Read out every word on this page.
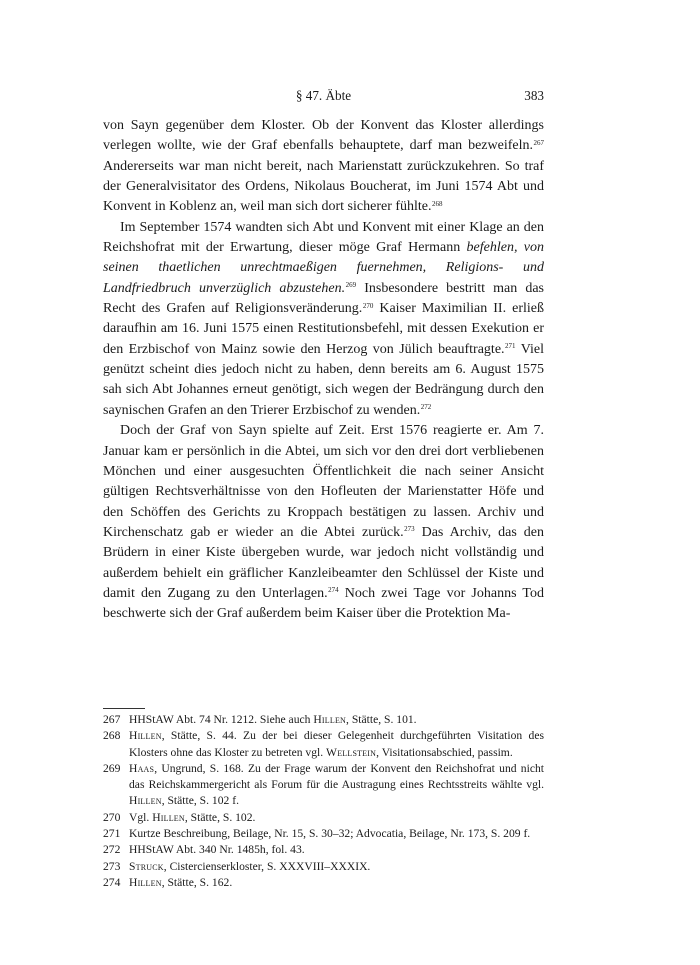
§ 47. Äbte	383

von Sayn gegenüber dem Kloster. Ob der Konvent das Kloster allerdings verlegen wollte, wie der Graf ebenfalls behauptete, darf man bezweifeln.$^{267}$ Andererseits war man nicht bereit, nach Marienstatt zurückzukehren. So traf der Generalvisitator des Ordens, Nikolaus Boucherat, im Juni 1574 Abt und Konvent in Koblenz an, weil man sich dort sicherer fühlte.$^{268}$

Im September 1574 wandten sich Abt und Konvent mit einer Klage an den Reichshofrat mit der Erwartung, dieser möge Graf Hermann befehlen, von seinen thaetlichen unrechtmaeßigen fuernehmen, Religions- und Landfriedbruch unverzüglich abzustehen.$^{269}$ Insbesondere bestritt man das Recht des Grafen auf Religionsveränderung.$^{270}$ Kaiser Maximilian II. erließ daraufhin am 16. Juni 1575 einen Restitutionsbefehl, mit dessen Exekution er den Erzbischof von Mainz sowie den Herzog von Jülich beauftragte.$^{271}$ Viel genützt scheint dies jedoch nicht zu haben, denn bereits am 6. August 1575 sah sich Abt Johannes erneut genötigt, sich wegen der Bedrängung durch den saynischen Grafen an den Trierer Erzbischof zu wenden.$^{272}$

Doch der Graf von Sayn spielte auf Zeit. Erst 1576 reagierte er. Am 7. Januar kam er persönlich in die Abtei, um sich vor den drei dort verbliebenen Mönchen und einer ausgesuchten Öffentlichkeit die nach seiner Ansicht gültigen Rechtsverhältnisse von den Hofleuten der Marienstatter Höfe und den Schöffen des Gerichts zu Kroppach bestätigen zu lassen. Archiv und Kirchenschatz gab er wieder an die Abtei zurück.$^{273}$ Das Archiv, das den Brüdern in einer Kiste übergeben wurde, war jedoch nicht vollständig und außerdem behielt ein gräflicher Kanzleibeamter den Schlüssel der Kiste und damit den Zugang zu den Unterlagen.$^{274}$ Noch zwei Tage vor Johanns Tod beschwerte sich der Graf außerdem beim Kaiser über die Protektion Ma-

267 HHStAW Abt. 74 Nr. 1212. Siehe auch Hillen, Stätte, S. 101.
268 Hillen, Stätte, S. 44. Zu der bei dieser Gelegenheit durchgeführten Visitation des Klosters ohne das Kloster zu betreten vgl. Wellstein, Visitationsabschied, passim.
269 Haas, Ungrund, S. 168. Zu der Frage warum der Konvent den Reichshofrat und nicht das Reichskammergericht als Forum für die Austragung eines Rechtsstreits wählte vgl. Hillen, Stätte, S. 102 f.
270 Vgl. Hillen, Stätte, S. 102.
271 Kurtze Beschreibung, Beilage, Nr. 15, S. 30–32; Advocatia, Beilage, Nr. 173, S. 209 f.
272 HHStAW Abt. 340 Nr. 1485h, fol. 43.
273 Struck, Cistercienserkloster, S. XXXVIII–XXXIX.
274 Hillen, Stätte, S. 162.
